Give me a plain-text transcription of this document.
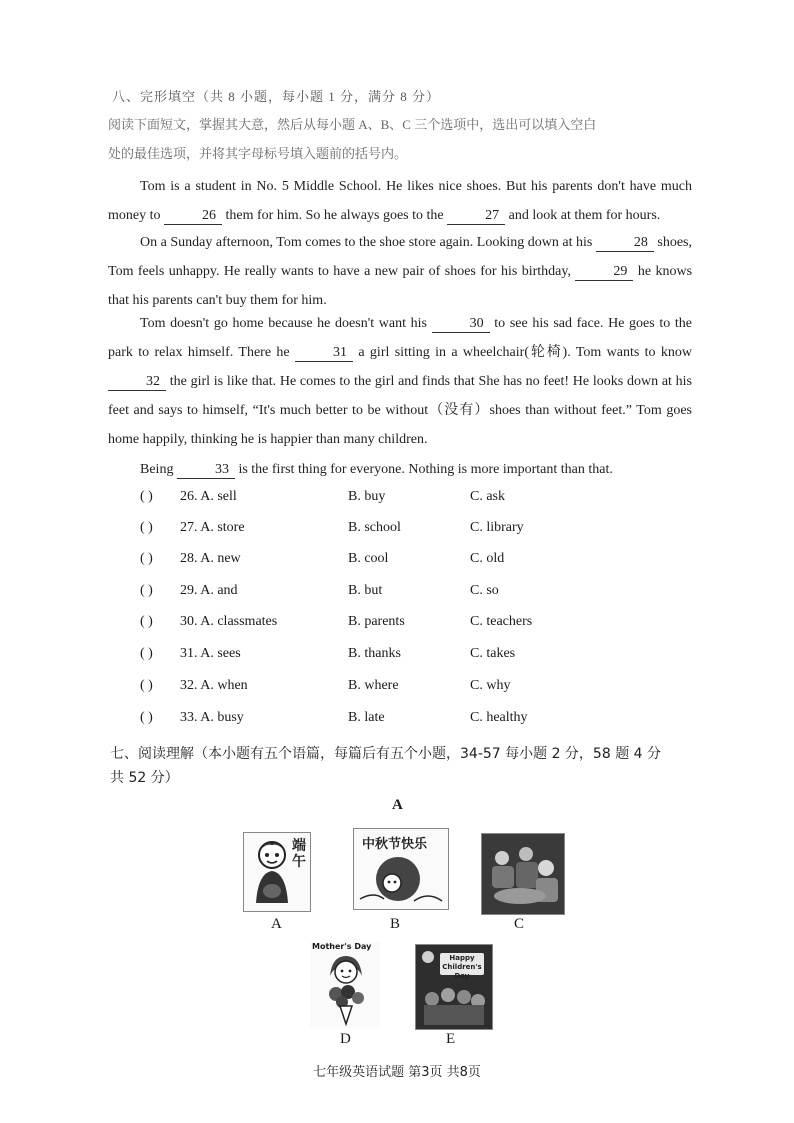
八、完形填空（共 8 小题，每小题 1 分，满分 8 分）
阅读下面短文，掌握其大意，然后从每小题 A、B、C 三个选项中，选出可以填入空白
处的最佳选项，并将其字母标号填入题前的括号内。
Tom is a student in No. 5 Middle School. He likes nice shoes. But his parents don't have much money to	26 them for him. So he always goes to the	27 and look at them for hours.
On a Sunday afternoon, Tom comes to the shoe store again. Looking down at his	28 shoes, Tom feels unhappy. He really wants to have a new pair of shoes for his birthday,	29 he knows that his parents can't buy them for him.
Tom doesn't go home because he doesn't want his	30 to see his sad face. He goes to the park to relax himself. There he	31 a girl sitting in a wheelchair(轮椅). Tom wants to know 32 the girl is like that. He comes to the girl and finds that She has no feet! He looks down at his feet and says to himself, “It's much better to be without（没有）shoes than without feet.” Tom goes home happily, thinking he is happier than many children.
Being	33 is the first thing for everyone. Nothing is more important than that.
( ) 26. A. sell	B. buy	C. ask
( ) 27. A. store	B. school	C. library
( ) 28. A. new	B. cool	C. old
( ) 29. A. and	B. but	C. so
( ) 30. A. classmates	B. parents	C. teachers
( ) 31. A. sees	B. thanks	C. takes
( ) 32. A. when	B. where	C. why
( ) 33. A. busy	B. late	C. healthy
七、阅读理解（本小题有五个语篇，每篇后有五个小题，34-57 每小题 2 分，58 题 4 分
共 52 分）
A
端午
A
中秋节快乐
B	C
Mother's Day
D
Happy Children's Day
E
七年级英语试题 第3页 共8页
